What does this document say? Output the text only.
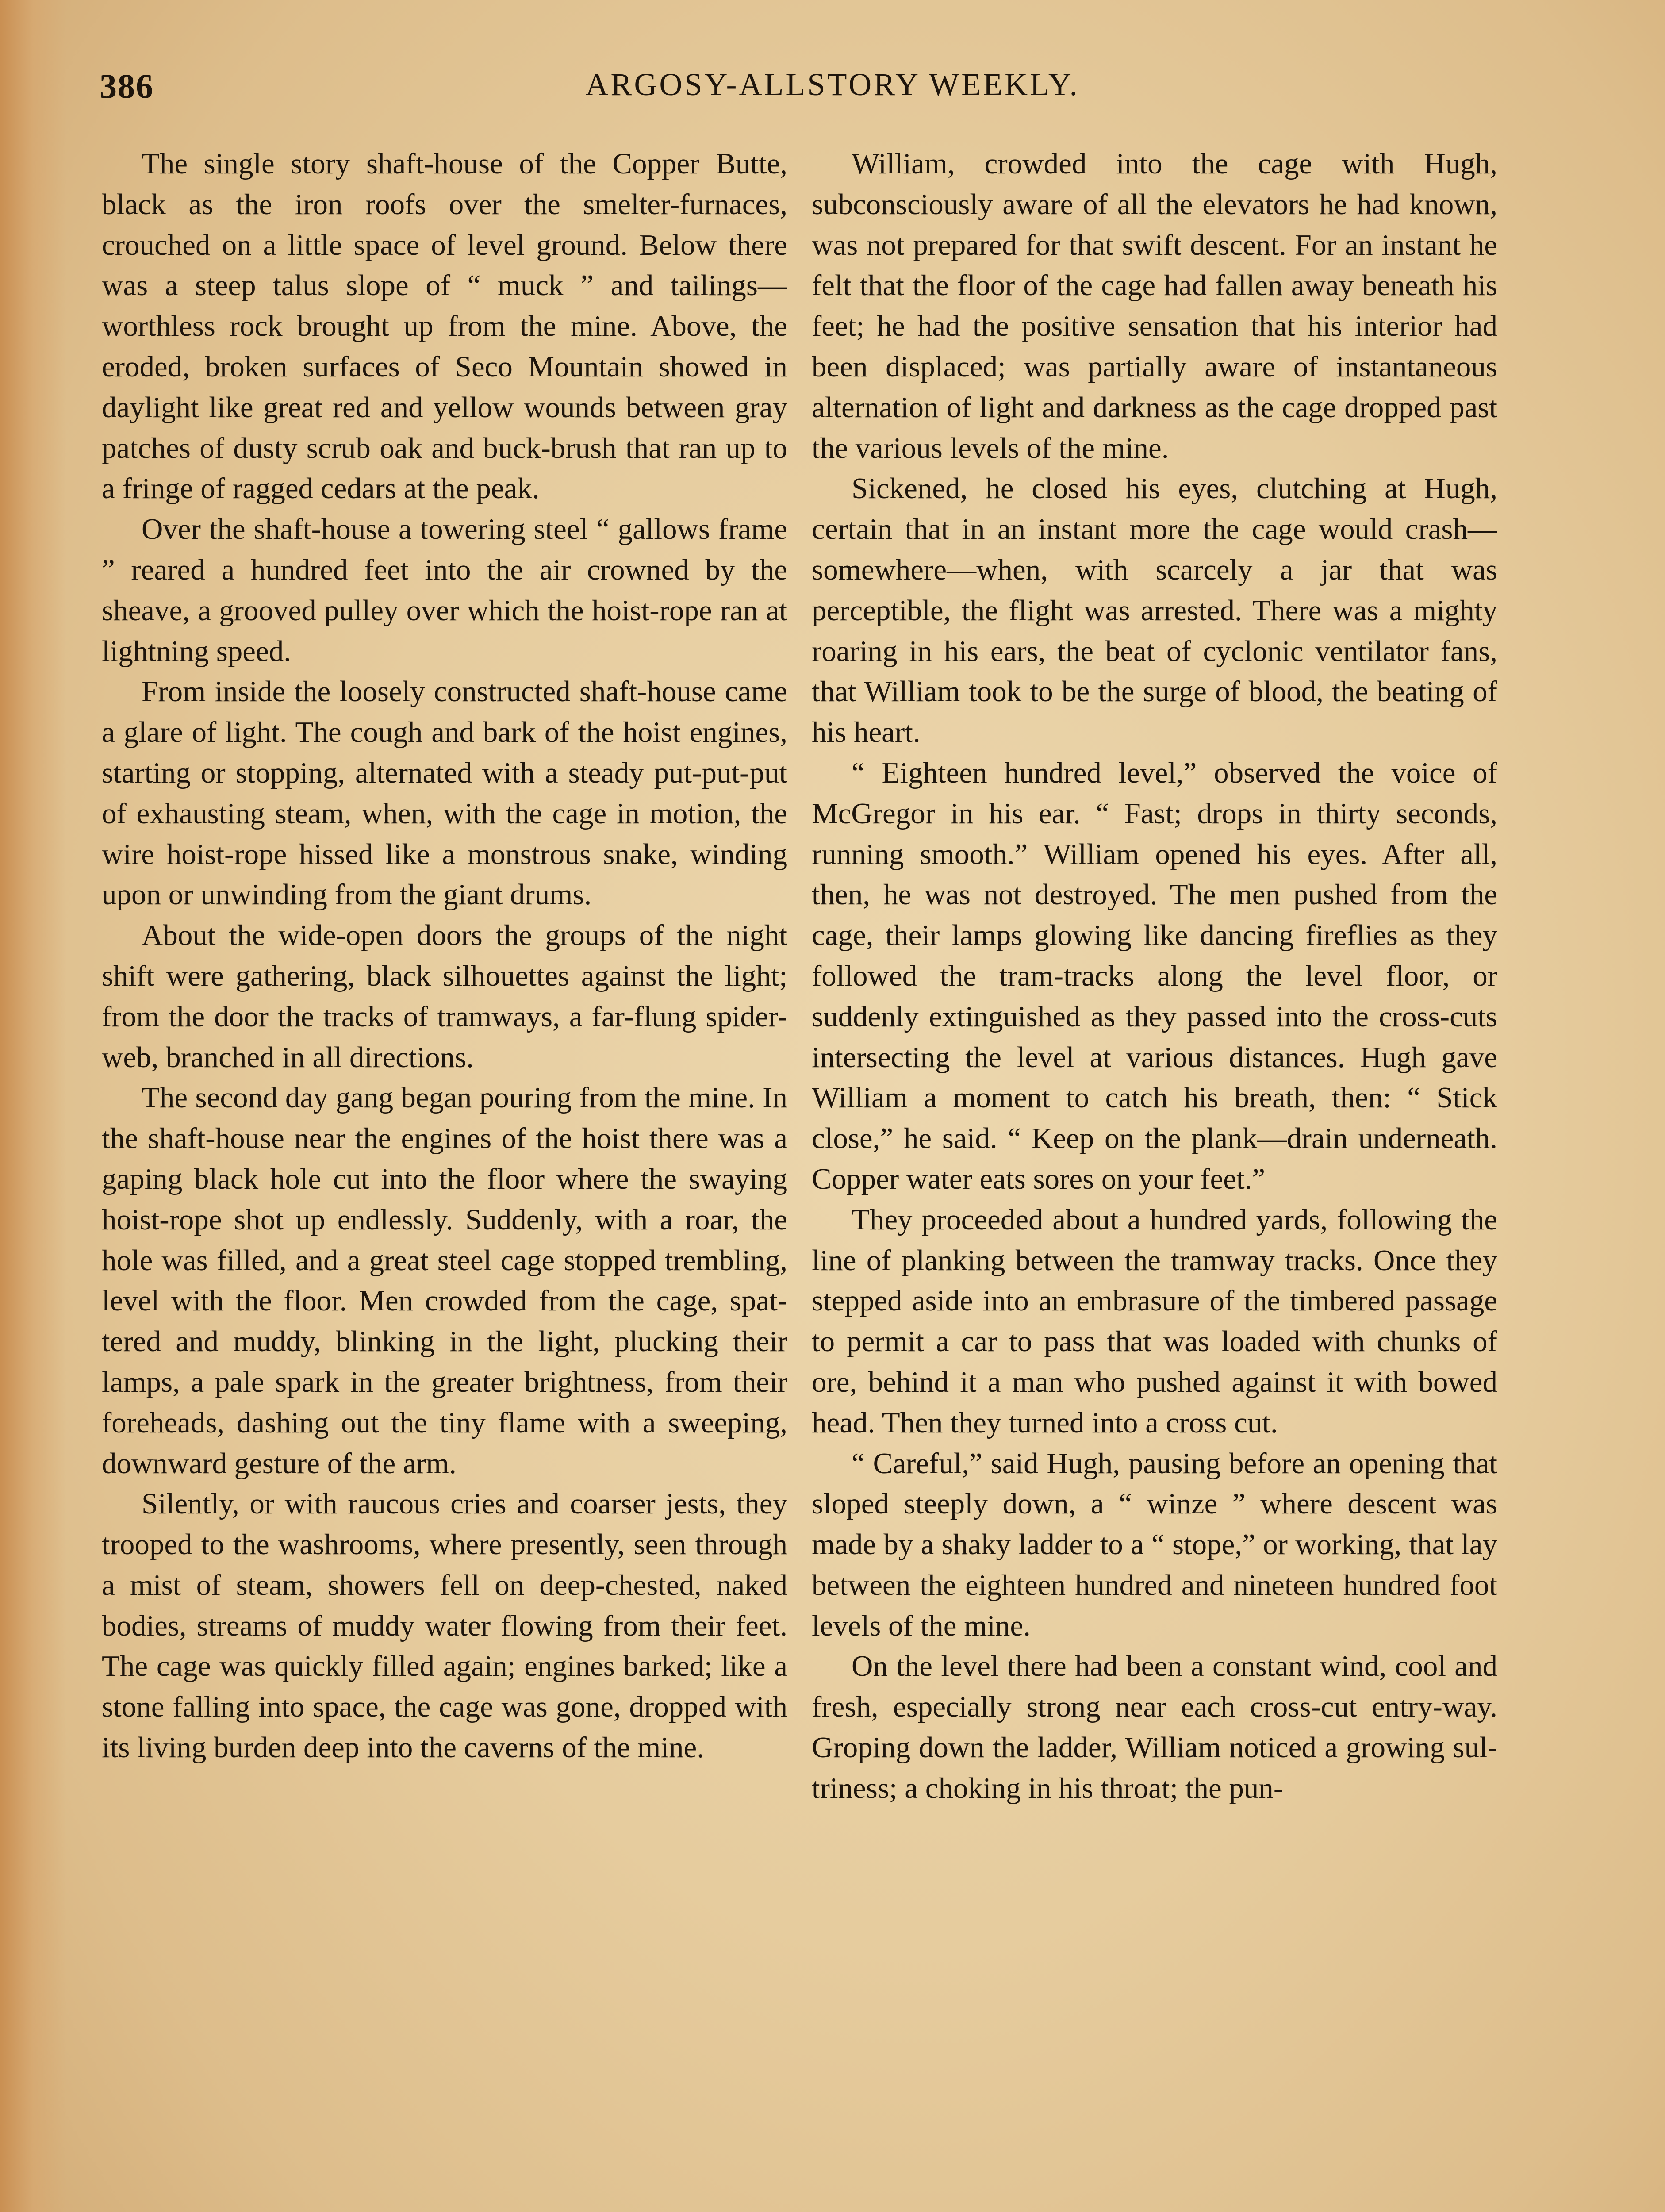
386	ARGOSY-ALLSTORY WEEKLY.

The single story shaft-house of the Copper Butte, black as the iron roofs over the smelter-furnaces, crouched on a little space of level ground. Below there was a steep talus slope of “ muck ” and tailings—worthless rock brought up from the mine. Above, the eroded, broken surfaces of Seco Mountain showed in daylight like great red and yellow wounds between gray patches of dusty scrub oak and buck-brush that ran up to a fringe of ragged cedars at the peak.

Over the shaft-house a towering steel “ gallows frame ” reared a hundred feet into the air crowned by the sheave, a grooved pulley over which the hoist-rope ran at lightning speed.

From inside the loosely constructed shaft-house came a glare of light. The cough and bark of the hoist engines, starting or stopping, alternated with a steady put-put-put of exhausting steam, when, with the cage in motion, the wire hoist-rope hissed like a monstrous snake, winding upon or unwinding from the giant drums.

About the wide-open doors the groups of the night shift were gathering, black silhouettes against the light; from the door the tracks of tramways, a far-flung spider-web, branched in all directions.

The second day gang began pouring from the mine. In the shaft-house near the engines of the hoist there was a gaping black hole cut into the floor where the swaying hoist-rope shot up endlessly. Suddenly, with a roar, the hole was filled, and a great steel cage stopped trembling, level with the floor. Men crowded from the cage, spattered and muddy, blinking in the light, plucking their lamps, a pale spark in the greater brightness, from their foreheads, dashing out the tiny flame with a sweeping, downward gesture of the arm.

Silently, or with raucous cries and coarser jests, they trooped to the washrooms, where presently, seen through a mist of steam, showers fell on deep-chested, naked bodies, streams of muddy water flowing from their feet. The cage was quickly filled again; engines barked; like a stone falling into space, the cage was gone, dropped with its living burden deep into the caverns of the mine.

William, crowded into the cage with Hugh, subconsciously aware of all the elevators he had known, was not prepared for that swift descent. For an instant he felt that the floor of the cage had fallen away beneath his feet; he had the positive sensation that his interior had been displaced; was partially aware of instantaneous alternation of light and darkness as the cage dropped past the various levels of the mine.

Sickened, he closed his eyes, clutching at Hugh, certain that in an instant more the cage would crash—somewhere—when, with scarcely a jar that was perceptible, the flight was arrested. There was a mighty roaring in his ears, the beat of cyclonic ventilator fans, that William took to be the surge of blood, the beating of his heart.

“ Eighteen hundred level,” observed the voice of McGregor in his ear. “ Fast; drops in thirty seconds, running smooth.” William opened his eyes. After all, then, he was not destroyed. The men pushed from the cage, their lamps glowing like dancing fireflies as they followed the tram-tracks along the level floor, or suddenly extinguished as they passed into the cross-cuts intersecting the level at various distances. Hugh gave William a moment to catch his breath, then: “ Stick close,” he said. “ Keep on the plank—drain underneath. Copper water eats sores on your feet.”

They proceeded about a hundred yards, following the line of planking between the tramway tracks. Once they stepped aside into an embrasure of the timbered passage to permit a car to pass that was loaded with chunks of ore, behind it a man who pushed against it with bowed head. Then they turned into a cross cut.

“ Careful,” said Hugh, pausing before an opening that sloped steeply down, a “ winze ” where descent was made by a shaky ladder to a “ stope,” or working, that lay between the eighteen hundred and nineteen hundred foot levels of the mine.

On the level there had been a constant wind, cool and fresh, especially strong near each cross-cut entry-way. Groping down the ladder, William noticed a growing sultriness; a choking in his throat; the pun-
